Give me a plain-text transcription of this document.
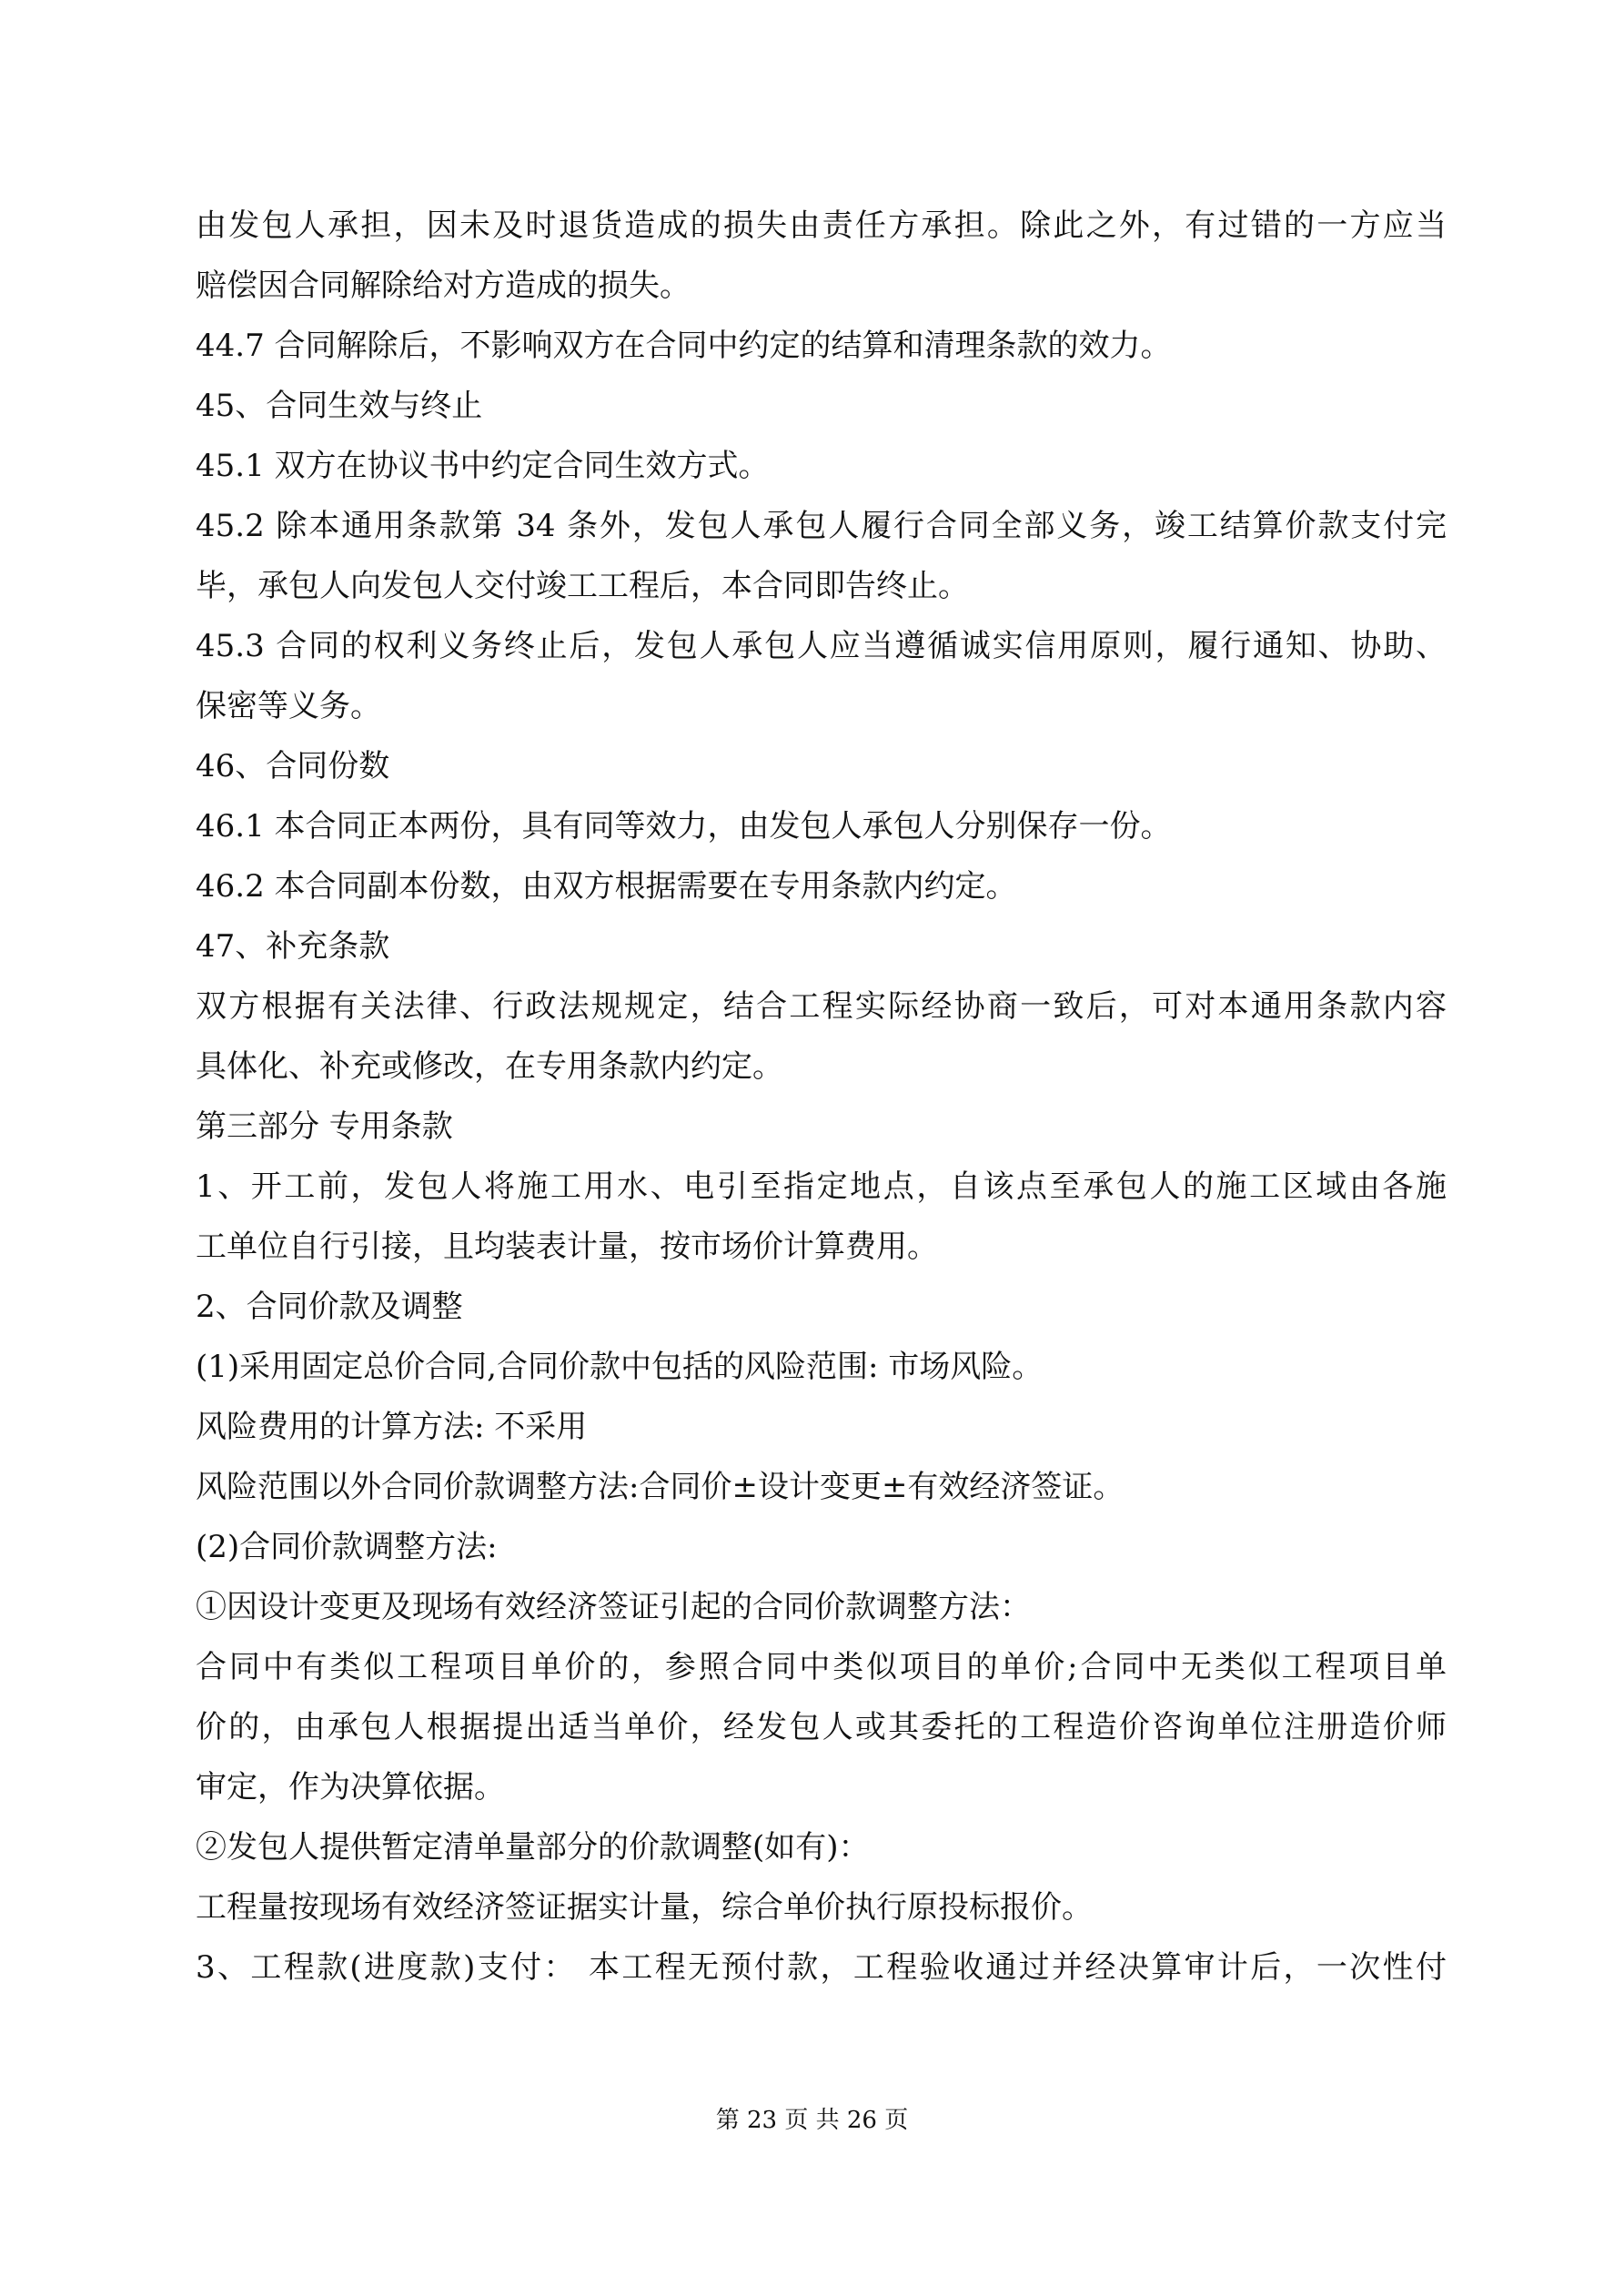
由发包人承担，因未及时退货造成的损失由责任方承担。除此之外，有过错的一方应当
赔偿因合同解除给对方造成的损失。
44.7 合同解除后，不影响双方在合同中约定的结算和清理条款的效力。
45、合同生效与终止
45.1 双方在协议书中约定合同生效方式。
45.2 除本通用条款第 34 条外，发包人承包人履行合同全部义务，竣工结算价款支付完
毕，承包人向发包人交付竣工工程后，本合同即告终止。
45.3 合同的权利义务终止后，发包人承包人应当遵循诚实信用原则，履行通知、协助、
保密等义务。
46、合同份数
46.1 本合同正本两份，具有同等效力，由发包人承包人分别保存一份。
46.2 本合同副本份数，由双方根据需要在专用条款内约定。
47、补充条款
双方根据有关法律、行政法规规定，结合工程实际经协商一致后，可对本通用条款内容
具体化、补充或修改，在专用条款内约定。
第三部分 专用条款
1、开工前，发包人将施工用水、电引至指定地点，自该点至承包人的施工区域由各施
工单位自行引接，且均装表计量，按市场价计算费用。
2、合同价款及调整
(1)采用固定总价合同,合同价款中包括的风险范围: 市场风险。
风险费用的计算方法: 不采用
风险范围以外合同价款调整方法:合同价±设计变更±有效经济签证。
(2)合同价款调整方法:
①因设计变更及现场有效经济签证引起的合同价款调整方法：
合同中有类似工程项目单价的，参照合同中类似项目的单价;合同中无类似工程项目单
价的，由承包人根据提出适当单价，经发包人或其委托的工程造价咨询单位注册造价师
审定，作为决算依据。
②发包人提供暂定清单量部分的价款调整(如有)：
工程量按现场有效经济签证据实计量，综合单价执行原投标报价。
3、工程款(进度款)支付： 本工程无预付款，工程验收通过并经决算审计后，一次性付
第 23 页 共 26 页
